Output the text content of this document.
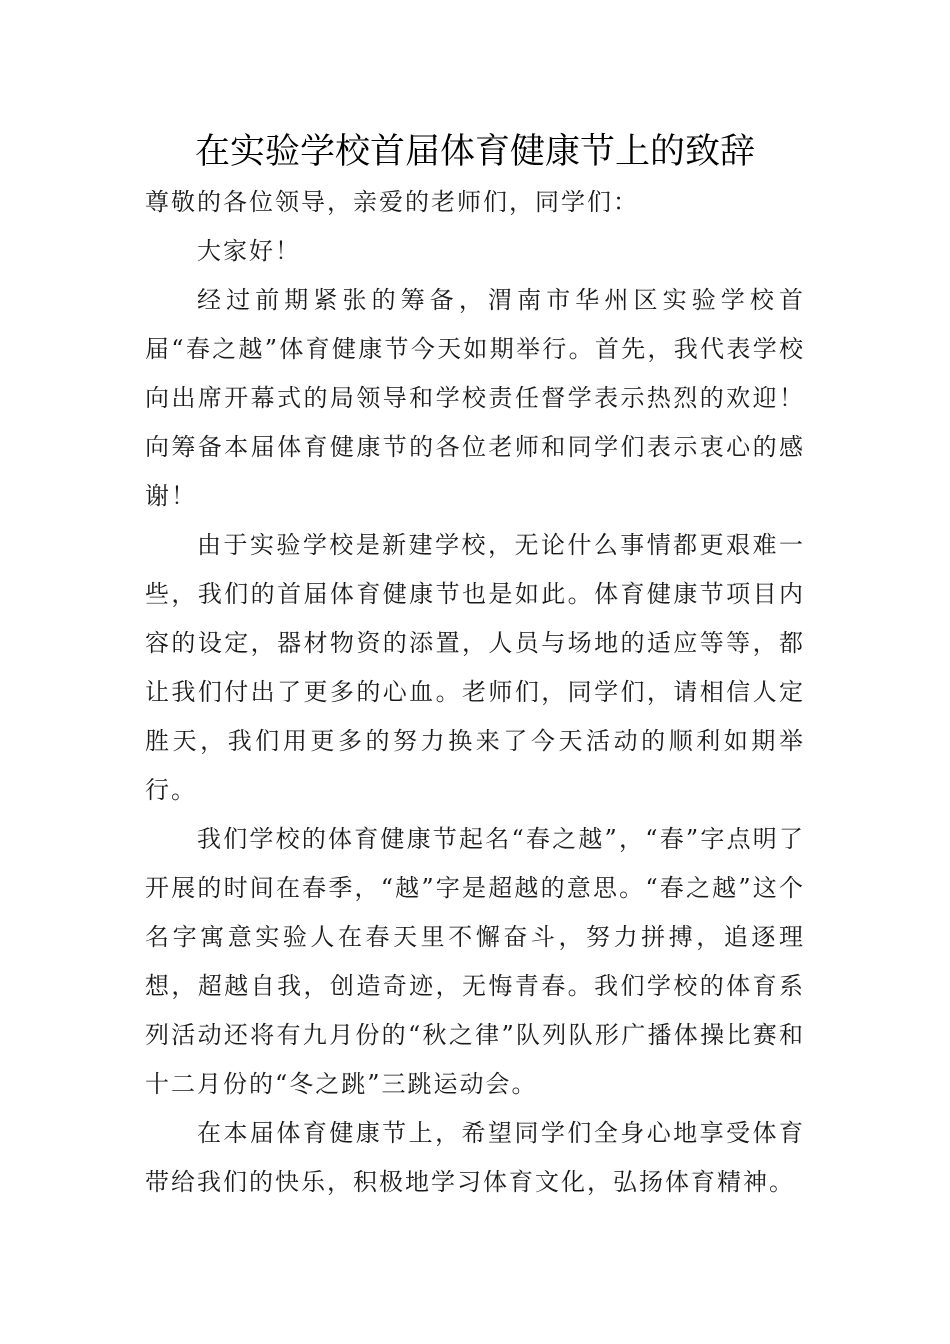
在实验学校首届体育健康节上的致辞

尊敬的各位领导，亲爱的老师们，同学们：

大家好！

经过前期紧张的筹备，渭南市华州区实验学校首届“春之越”体育健康节今天如期举行。首先，我代表学校向出席开幕式的局领导和学校责任督学表示热烈的欢迎！向筹备本届体育健康节的各位老师和同学们表示衷心的感谢！

由于实验学校是新建学校，无论什么事情都更艰难一些，我们的首届体育健康节也是如此。体育健康节项目内容的设定，器材物资的添置，人员与场地的适应等等，都让我们付出了更多的心血。老师们，同学们，请相信人定胜天，我们用更多的努力换来了今天活动的顺利如期举行。

我们学校的体育健康节起名“春之越”，“春”字点明了开展的时间在春季，“越”字是超越的意思。“春之越”这个名字寓意实验人在春天里不懈奋斗，努力拼搏，追逐理想，超越自我，创造奇迹，无悔青春。我们学校的体育系列活动还将有九月份的“秋之律”队列队形广播体操比赛和十二月份的“冬之跳”三跳运动会。

在本届体育健康节上，希望同学们全身心地享受体育带给我们的快乐，积极地学习体育文化，弘扬体育精神。
